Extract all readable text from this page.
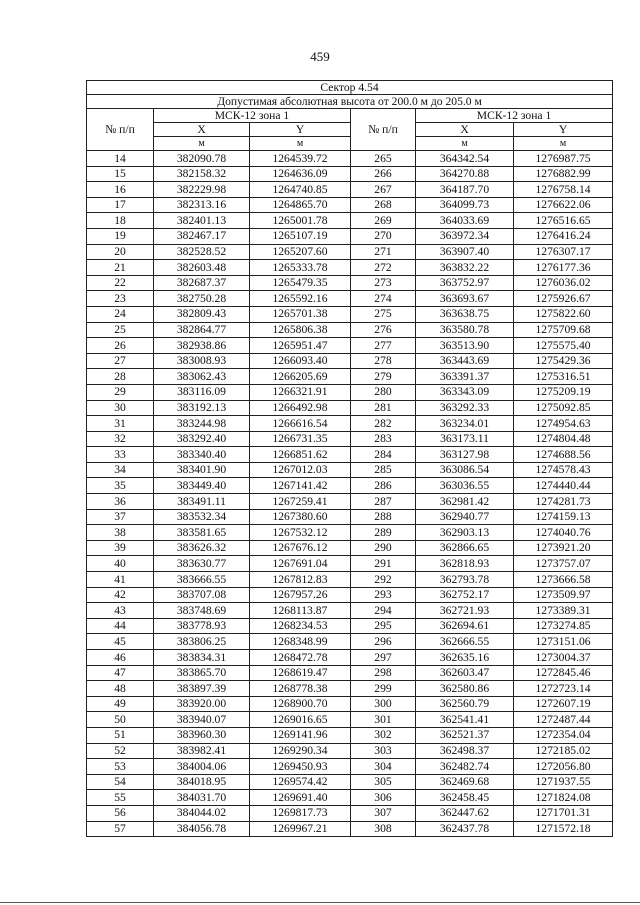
459
Сектор 4.54					
Допустимая абсолютная высота от 200.0 м до 205.0 м					
№ п/п	МСК-12 зона 1		№ п/п	МСК-12 зона 1	
	X	Y		X	Y
	м	м		м	м
14	382090.78	1264539.72	265	364342.54	1276987.75
15	382158.32	1264636.09	266	364270.88	1276882.99
16	382229.98	1264740.85	267	364187.70	1276758.14
17	382313.16	1264865.70	268	364099.73	1276622.06
18	382401.13	1265001.78	269	364033.69	1276516.65
19	382467.17	1265107.19	270	363972.34	1276416.24
20	382528.52	1265207.60	271	363907.40	1276307.17
21	382603.48	1265333.78	272	363832.22	1276177.36
22	382687.37	1265479.35	273	363752.97	1276036.02
23	382750.28	1265592.16	274	363693.67	1275926.67
24	382809.43	1265701.38	275	363638.75	1275822.60
25	382864.77	1265806.38	276	363580.78	1275709.68
26	382938.86	1265951.47	277	363513.90	1275575.40
27	383008.93	1266093.40	278	363443.69	1275429.36
28	383062.43	1266205.69	279	363391.37	1275316.51
29	383116.09	1266321.91	280	363343.09	1275209.19
30	383192.13	1266492.98	281	363292.33	1275092.85
31	383244.98	1266616.54	282	363234.01	1274954.63
32	383292.40	1266731.35	283	363173.11	1274804.48
33	383340.40	1266851.62	284	363127.98	1274688.56
34	383401.90	1267012.03	285	363086.54	1274578.43
35	383449.40	1267141.42	286	363036.55	1274440.44
36	383491.11	1267259.41	287	362981.42	1274281.73
37	383532.34	1267380.60	288	362940.77	1274159.13
38	383581.65	1267532.12	289	362903.13	1274040.76
39	383626.32	1267676.12	290	362866.65	1273921.20
40	383630.77	1267691.04	291	362818.93	1273757.07
41	383666.55	1267812.83	292	362793.78	1273666.58
42	383707.08	1267957.26	293	362752.17	1273509.97
43	383748.69	1268113.87	294	362721.93	1273389.31
44	383778.93	1268234.53	295	362694.61	1273274.85
45	383806.25	1268348.99	296	362666.55	1273151.06
46	383834.31	1268472.78	297	362635.16	1273004.37
47	383865.70	1268619.47	298	362603.47	1272845.46
48	383897.39	1268778.38	299	362580.86	1272723.14
49	383920.00	1268900.70	300	362560.79	1272607.19
50	383940.07	1269016.65	301	362541.41	1272487.44
51	383960.30	1269141.96	302	362521.37	1272354.04
52	383982.41	1269290.34	303	362498.37	1272185.02
53	384004.06	1269450.93	304	362482.74	1272056.80
54	384018.95	1269574.42	305	362469.68	1271937.55
55	384031.70	1269691.40	306	362458.45	1271824.08
56	384044.02	1269817.73	307	362447.62	1271701.31
57	384056.78	1269967.21	308	362437.78	1271572.18
